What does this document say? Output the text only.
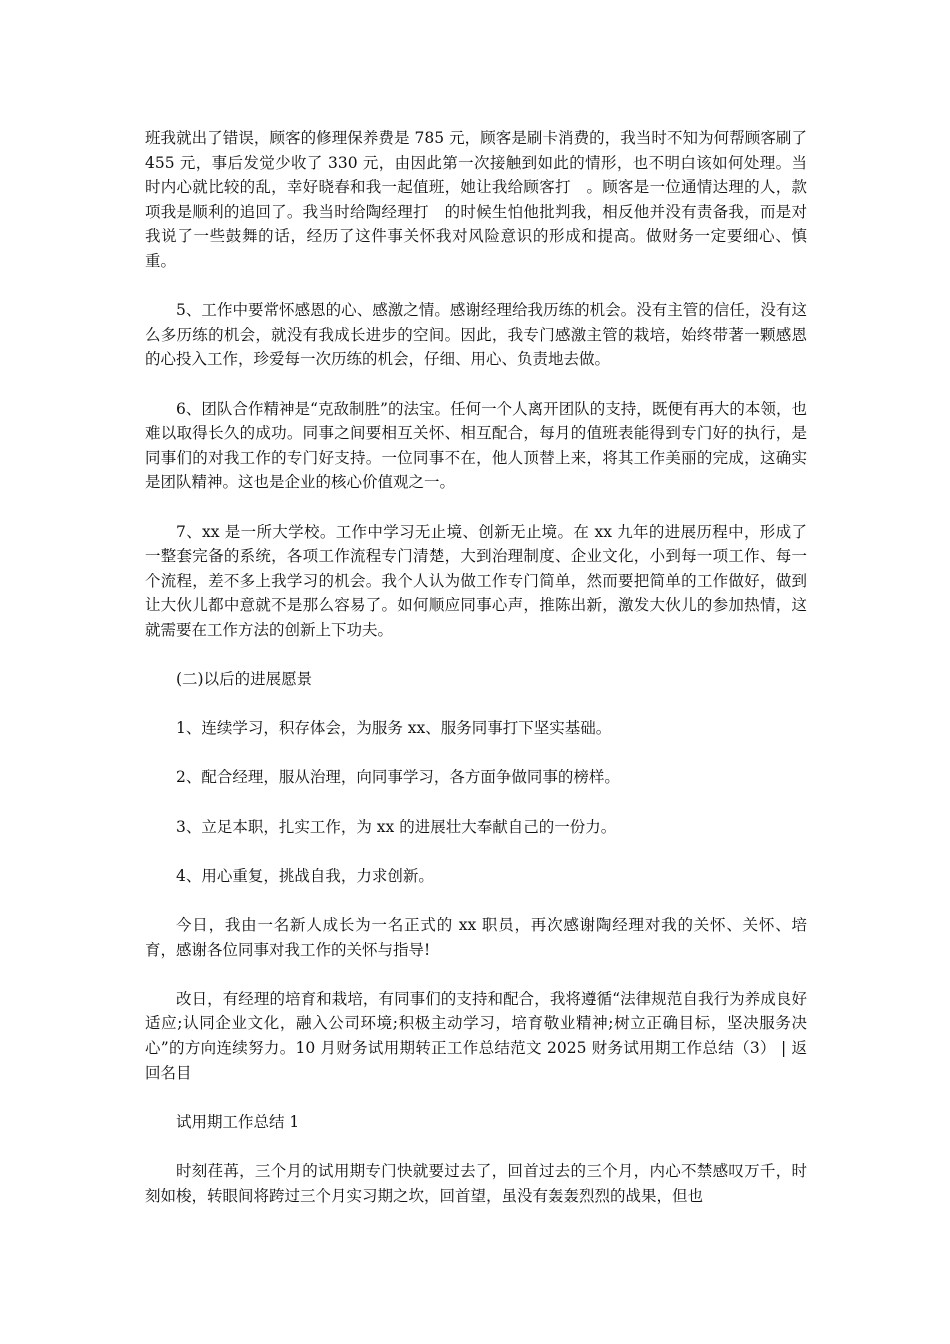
班我就出了错误，顾客的修理保养费是 785 元，顾客是刷卡消费的，我当时不知为何帮顾客刷了 455 元，事后发觉少收了 330 元，由因此第一次接触到如此的情形，也不明白该如何处理。当时内心就比较的乱，幸好晓春和我一起值班，她让我给顾客打　。顾客是一位通情达理的人，款项我是顺利的追回了。我当时给陶经理打　的时候生怕他批判我，相反他并没有责备我，而是对我说了一些鼓舞的话，经历了这件事关怀我对风险意识的形成和提高。做财务一定要细心、慎重。

5、工作中要常怀感恩的心、感激之情。感谢经理给我历练的机会。没有主管的信任，没有这么多历练的机会，就没有我成长进步的空间。因此，我专门感激主管的栽培，始终带著一颗感恩的心投入工作，珍爱每一次历练的机会，仔细、用心、负责地去做。

6、团队合作精神是“克敌制胜”的法宝。任何一个人离开团队的支持，既便有再大的本领，也难以取得长久的成功。同事之间要相互关怀、相互配合，每月的值班表能得到专门好的执行，是同事们的对我工作的专门好支持。一位同事不在，他人顶替上来，将其工作美丽的完成，这确实是团队精神。这也是企业的核心价值观之一。

7、xx 是一所大学校。工作中学习无止境、创新无止境。在 xx 九年的进展历程中，形成了一整套完备的系统，各项工作流程专门清楚，大到治理制度、企业文化，小到每一项工作、每一个流程，差不多上我学习的机会。我个人认为做工作专门简单，然而要把简单的工作做好，做到让大伙儿都中意就不是那么容易了。如何顺应同事心声，推陈出新，激发大伙儿的参加热情，这就需要在工作方法的创新上下功夫。

(二)以后的进展愿景

1、连续学习，积存体会，为服务 xx、服务同事打下坚实基础。

2、配合经理，服从治理，向同事学习，各方面争做同事的榜样。

3、立足本职，扎实工作，为 xx 的进展壮大奉献自己的一份力。

4、用心重复，挑战自我，力求创新。

今日，我由一名新人成长为一名正式的 xx 职员，再次感谢陶经理对我的关怀、关怀、培育，感谢各位同事对我工作的关怀与指导!

改日，有经理的培育和栽培，有同事们的支持和配合，我将遵循“法律规范自我行为养成良好适应;认同企业文化，融入公司环境;积极主动学习，培育敬业精神;树立正确目标，坚决服务决心”的方向连续努力。10 月财务试用期转正工作总结范文 2025 财务试用期工作总结（3） | 返回名目

试用期工作总结 1

时刻荏苒，三个月的试用期专门快就要过去了，回首过去的三个月，内心不禁感叹万千，时刻如梭，转眼间将跨过三个月实习期之坎，回首望，虽没有轰轰烈烈的战果，但也
